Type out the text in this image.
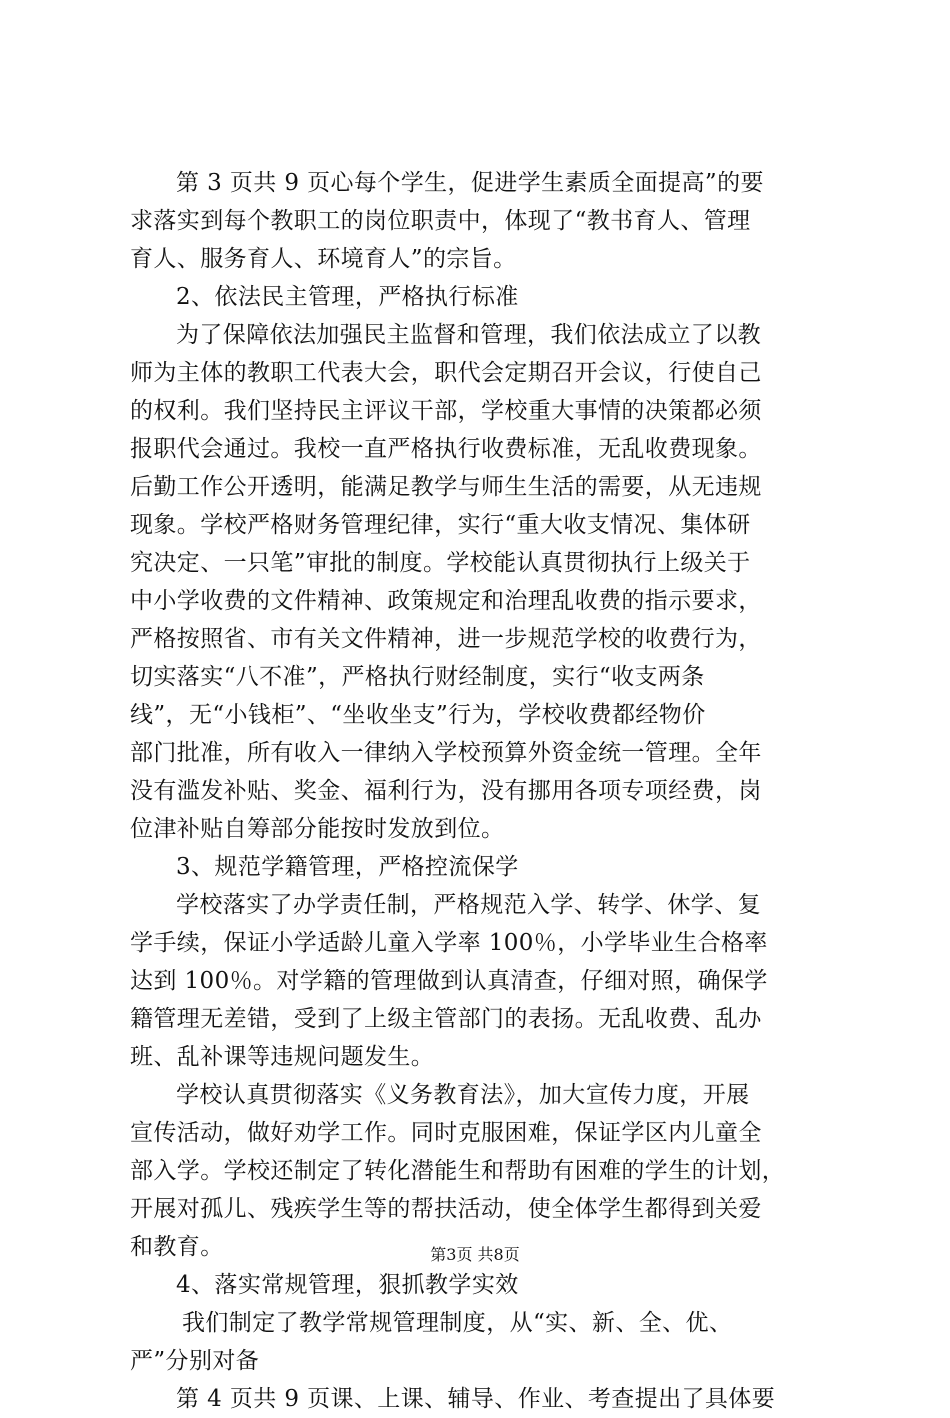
第 3 页共 9 页心每个学生，促进学生素质全面提高”的要
求落实到每个教职工的岗位职责中，体现了“教书育人、管理
育人、服务育人、环境育人”的宗旨。
2、依法民主管理，严格执行标准
为了保障依法加强民主监督和管理，我们依法成立了以教
师为主体的教职工代表大会，职代会定期召开会议，行使自己
的权利。我们坚持民主评议干部，学校重大事情的决策都必须
报职代会通过。我校一直严格执行收费标准，无乱收费现象。
后勤工作公开透明，能满足教学与师生生活的需要，从无违规
现象。学校严格财务管理纪律，实行“重大收支情况、集体研
究决定、一只笔”审批的制度。学校能认真贯彻执行上级关于
中小学收费的文件精神、政策规定和治理乱收费的指示要求，
严格按照省、市有关文件精神，进一步规范学校的收费行为，
切实落实“八不准”，严格执行财经制度，实行“收支两条
线”，无“小钱柜”、“坐收坐支”行为，学校收费都经物价
部门批准，所有收入一律纳入学校预算外资金统一管理。全年
没有滥发补贴、奖金、福利行为，没有挪用各项专项经费，岗
位津补贴自筹部分能按时发放到位。
3、规范学籍管理，严格控流保学
学校落实了办学责任制，严格规范入学、转学、休学、复
学手续，保证小学适龄儿童入学率 100％，小学毕业生合格率
达到 100％。对学籍的管理做到认真清查，仔细对照，确保学
籍管理无差错，受到了上级主管部门的表扬。无乱收费、乱办
班、乱补课等违规问题发生。
学校认真贯彻落实《义务教育法》，加大宣传力度，开展
宣传活动，做好劝学工作。同时克服困难，保证学区内儿童全
部入学。学校还制定了转化潜能生和帮助有困难的学生的计划，
开展对孤儿、残疾学生等的帮扶活动，使全体学生都得到关爱
和教育。
4、落实常规管理，狠抓教学实效
我们制定了教学常规管理制度，从“实、新、全、优、
严”分别对备
第 4 页共 9 页课、上课、辅导、作业、考查提出了具体要
第3页 共8页
